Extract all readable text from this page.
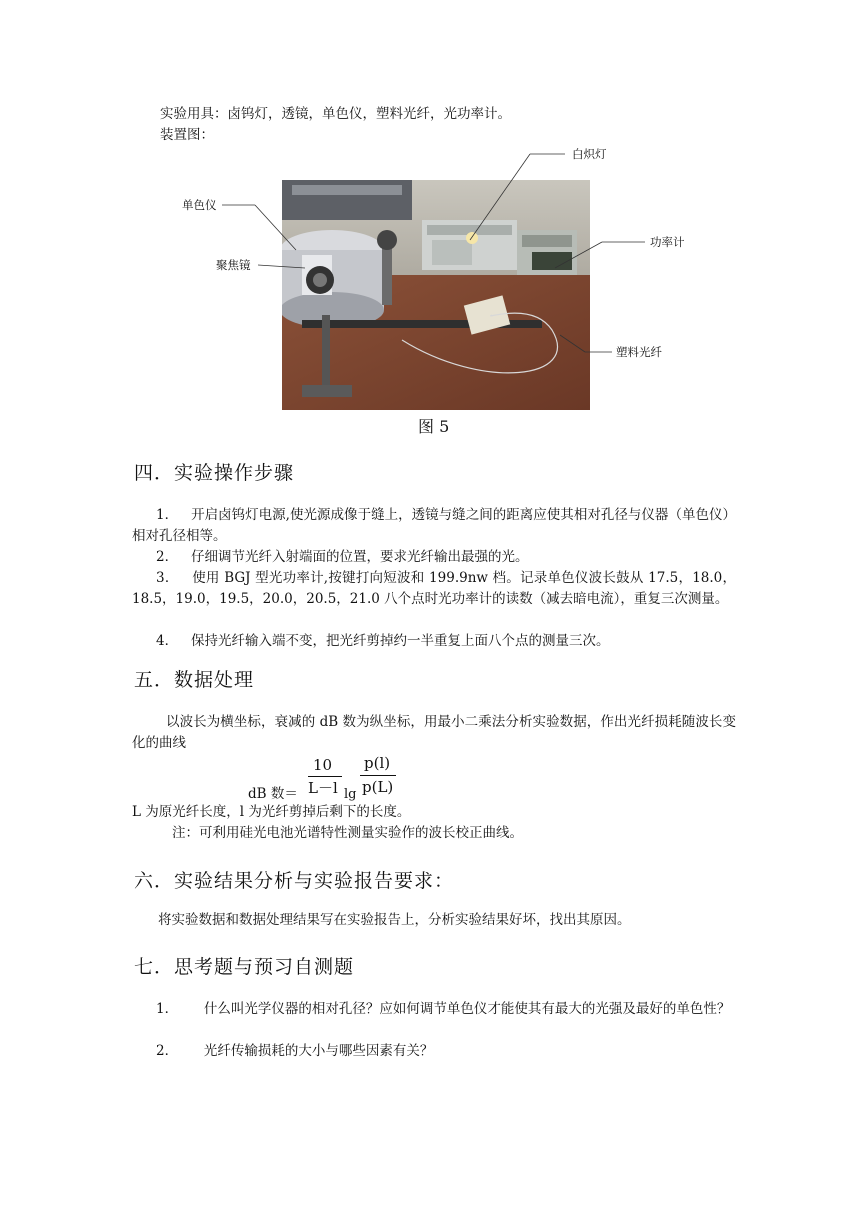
实验用具：卤钨灯，透镜，单色仪，塑料光纤，光功率计。
装置图：
白炽灯
单色仪
功率计
聚焦镜
塑料光纤
图 5
四．实验操作步骤
1． 开启卤钨灯电源,使光源成像于缝上，透镜与缝之间的距离应使其相对孔径与仪器（单色仪）相对孔径相等。
2． 仔细调节光纤入射端面的位置，要求光纤输出最强的光。
3． 使用 BGJ 型光功率计,按键打向短波和 199.9nw 档。记录单色仪波长鼓从 17.5，18.0，18.5，19.0，19.5，20.0，20.5，21.0 八个点时光功率计的读数（减去暗电流），重复三次测量。
4． 保持光纤输入端不变，把光纤剪掉约一半重复上面八个点的测量三次。
五．数据处理
以波长为横坐标，衰减的 dB 数为纵坐标，用最小二乘法分析实验数据，作出光纤损耗随波长变化的曲线
dB 数＝
10
L－l lg
p(l)
p(L)
L 为原光纤长度，l 为光纤剪掉后剩下的长度。
注：可利用硅光电池光谱特性测量实验作的波长校正曲线。
六．实验结果分析与实验报告要求：
将实验数据和数据处理结果写在实验报告上，分析实验结果好坏，找出其原因。
七．思考题与预习自测题
1． 什么叫光学仪器的相对孔径？应如何调节单色仪才能使其有最大的光强及最好的单色性？
2． 光纤传输损耗的大小与哪些因素有关？
